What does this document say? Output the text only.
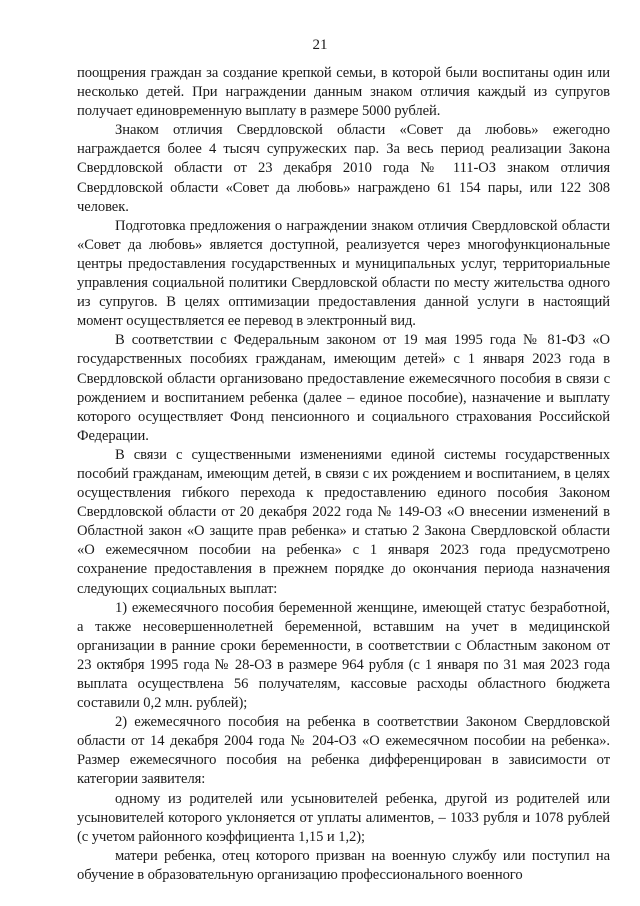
21

поощрения граждан за создание крепкой семьи, в которой были воспитаны один или несколько детей. При награждении данным знаком отличия каждый из супругов получает единовременную выплату в размере 5000 рублей.

Знаком отличия Свердловской области «Совет да любовь» ежегодно награждается более 4 тысяч супружеских пар. За весь период реализации Закона Свердловской области от 23 декабря 2010 года № 111-ОЗ знаком отличия Свердловской области «Совет да любовь» награждено 61 154 пары, или 122 308 человек.

Подготовка предложения о награждении знаком отличия Свердловской области «Совет да любовь» является доступной, реализуется через многофункциональные центры предоставления государственных и муниципальных услуг, территориальные управления социальной политики Свердловской области по месту жительства одного из супругов. В целях оптимизации предоставления данной услуги в настоящий момент осуществляется ее перевод в электронный вид.

В соответствии с Федеральным законом от 19 мая 1995 года № 81-ФЗ «О государственных пособиях гражданам, имеющим детей» с 1 января 2023 года в Свердловской области организовано предоставление ежемесячного пособия в связи с рождением и воспитанием ребенка (далее – единое пособие), назначение и выплату которого осуществляет Фонд пенсионного и социального страхования Российской Федерации.

В связи с существенными изменениями единой системы государственных пособий гражданам, имеющим детей, в связи с их рождением и воспитанием, в целях осуществления гибкого перехода к предоставлению единого пособия Законом Свердловской области от 20 декабря 2022 года № 149-ОЗ «О внесении изменений в Областной закон «О защите прав ребенка» и статью 2 Закона Свердловской области «О ежемесячном пособии на ребенка» с 1 января 2023 года предусмотрено сохранение предоставления в прежнем порядке до окончания периода назначения следующих социальных выплат:

1) ежемесячного пособия беременной женщине, имеющей статус безработной, а также несовершеннолетней беременной, вставшим на учет в медицинской организации в ранние сроки беременности, в соответствии с Областным законом от 23 октября 1995 года № 28-ОЗ в размере 964 рубля (с 1 января по 31 мая 2023 года выплата осуществлена 56 получателям, кассовые расходы областного бюджета составили 0,2 млн. рублей);

2) ежемесячного пособия на ребенка в соответствии Законом Свердловской области от 14 декабря 2004 года № 204-ОЗ «О ежемесячном пособии на ребенка». Размер ежемесячного пособия на ребенка дифференцирован в зависимости от категории заявителя:

одному из родителей или усыновителей ребенка, другой из родителей или усыновителей которого уклоняется от уплаты алиментов, – 1033 рубля и 1078 рублей (с учетом районного коэффициента 1,15 и 1,2);

матери ребенка, отец которого призван на военную службу или поступил на обучение в образовательную организацию профессионального военного
